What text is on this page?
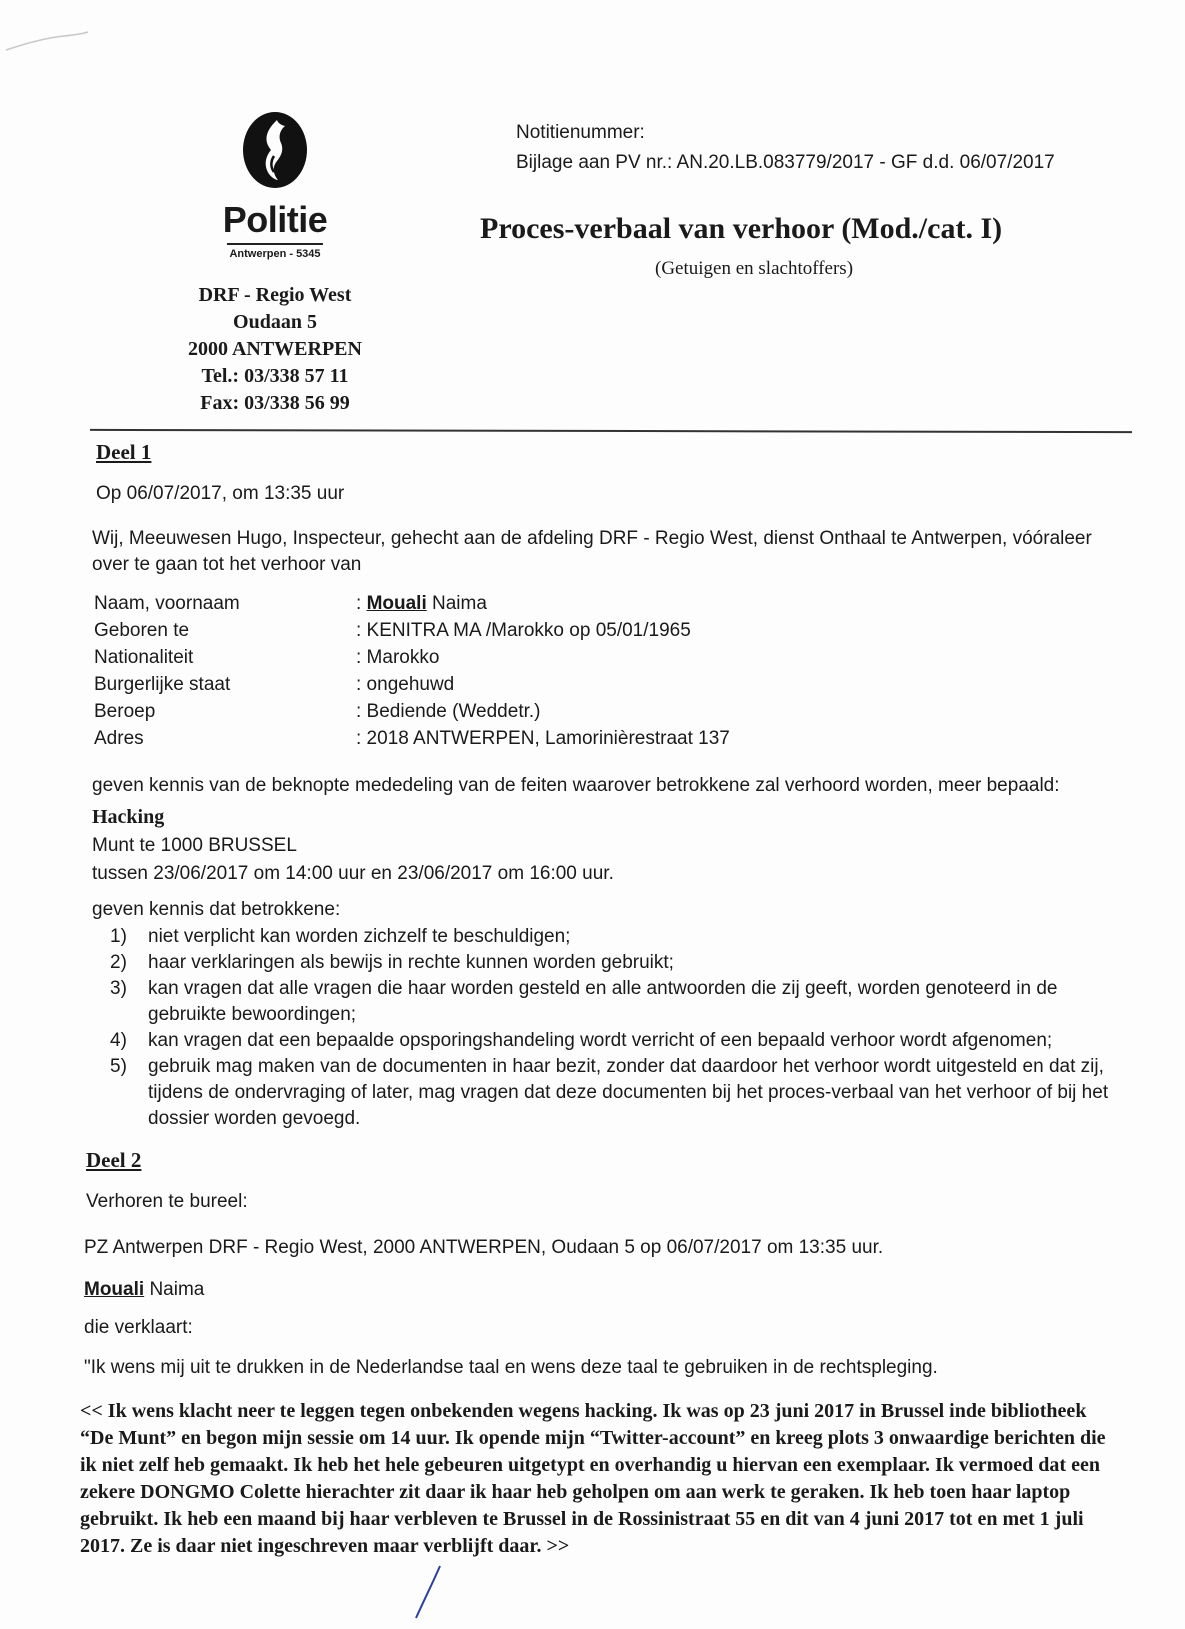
Politie
Antwerpen - 5345
DRF - Regio West
Oudaan 5
2000 ANTWERPEN
Tel.: 03/338 57 11
Fax: 03/338 56 99
Notitienummer:
Bijlage aan PV nr.: AN.20.LB.083779/2017 - GF d.d. 06/07/2017
Proces-verbaal van verhoor (Mod./cat. I)
(Getuigen en slachtoffers)
Deel 1
Op 06/07/2017, om 13:35 uur
Wij, Meeuwesen Hugo, Inspecteur, gehecht aan de afdeling DRF - Regio West, dienst Onthaal te Antwerpen, vóóraleer over te gaan tot het verhoor van
Naam, voornaam	: Mouali Naima
Geboren te	: KENITRA MA /Marokko op 05/01/1965
Nationaliteit	: Marokko
Burgerlijke staat	: ongehuwd
Beroep	: Bediende (Weddetr.)
Adres	: 2018 ANTWERPEN, Lamorinièrestraat 137
geven kennis van de beknopte mededeling van de feiten waarover betrokkene zal verhoord worden, meer bepaald:
Hacking
Munt te 1000 BRUSSEL
tussen 23/06/2017 om 14:00 uur en 23/06/2017 om 16:00 uur.
geven kennis dat betrokkene:
1)	niet verplicht kan worden zichzelf te beschuldigen;
2)	haar verklaringen als bewijs in rechte kunnen worden gebruikt;
3)	kan vragen dat alle vragen die haar worden gesteld en alle antwoorden die zij geeft, worden genoteerd in de gebruikte bewoordingen;
4)	kan vragen dat een bepaalde opsporingshandeling wordt verricht of een bepaald verhoor wordt afgenomen;
5)	gebruik mag maken van de documenten in haar bezit, zonder dat daardoor het verhoor wordt uitgesteld en dat zij, tijdens de ondervraging of later, mag vragen dat deze documenten bij het proces-verbaal van het verhoor of bij het dossier worden gevoegd.
Deel 2
Verhoren te bureel:
PZ Antwerpen DRF - Regio West, 2000 ANTWERPEN, Oudaan 5 op 06/07/2017 om 13:35 uur.
Mouali Naima
die verklaart:
"Ik wens mij uit te drukken in de Nederlandse taal en wens deze taal te gebruiken in de rechtspleging.
<< Ik wens klacht neer te leggen tegen onbekenden wegens hacking. Ik was op 23 juni 2017 in Brussel inde bibliotheek “De Munt” en begon mijn sessie om 14 uur. Ik opende mijn “Twitter-account” en kreeg plots 3 onwaardige berichten die ik niet zelf heb gemaakt. Ik heb het hele gebeuren uitgetypt en overhandig u hiervan een exemplaar. Ik vermoed dat een zekere DONGMO Colette hierachter zit daar ik haar heb geholpen om aan werk te geraken. Ik heb toen haar laptop gebruikt. Ik heb een maand bij haar verbleven te Brussel in de Rossinistraat 55 en dit van 4 juni 2017 tot en met 1 juli 2017. Ze is daar niet ingeschreven maar verblijft daar. >>
